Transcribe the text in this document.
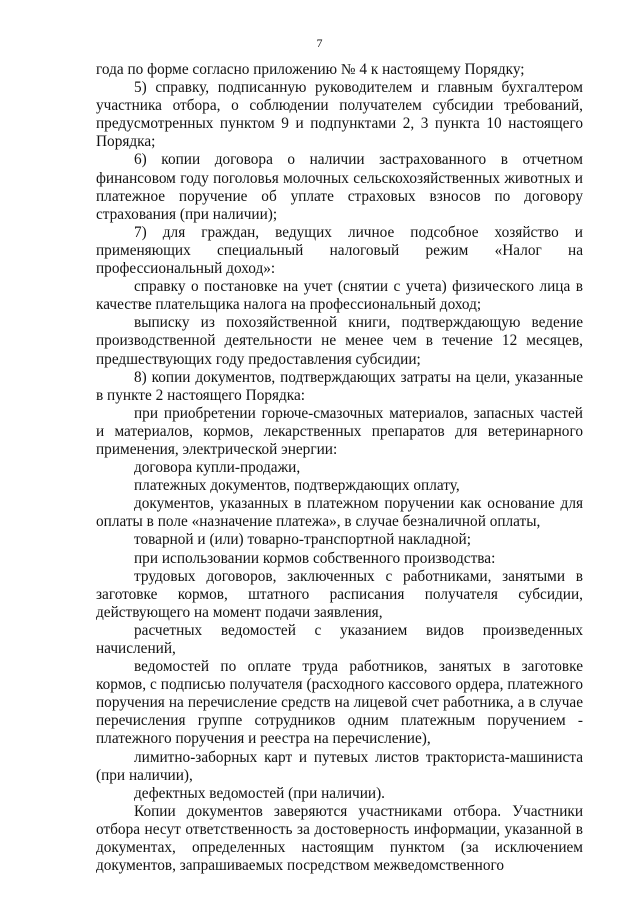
7

года по форме согласно приложению № 4 к настоящему Порядку;

5) справку, подписанную руководителем и главным бухгалтером участника отбора, о соблюдении получателем субсидии требований, предусмотренных пунктом 9 и подпунктами 2, 3 пункта 10 настоящего Порядка;

6) копии договора о наличии застрахованного в отчетном финансовом году поголовья молочных сельскохозяйственных животных и платежное поручение об уплате страховых взносов по договору страхования (при наличии);

7) для граждан, ведущих личное подсобное хозяйство и применяющих специальный налоговый режим «Налог на профессиональный доход»:

справку о постановке на учет (снятии с учета) физического лица в качестве плательщика налога на профессиональный доход;

выписку из похозяйственной книги, подтверждающую ведение производственной деятельности не менее чем в течение 12 месяцев, предшествующих году предоставления субсидии;

8) копии документов, подтверждающих затраты на цели, указанные в пункте 2 настоящего Порядка:

при приобретении горюче-смазочных материалов, запасных частей и материалов, кормов, лекарственных препаратов для ветеринарного применения, электрической энергии:

договора купли-продажи,

платежных документов, подтверждающих оплату,

документов, указанных в платежном поручении как основание для оплаты в поле «назначение платежа», в случае безналичной оплаты,

товарной и (или) товарно-транспортной накладной;

при использовании кормов собственного производства:

трудовых договоров, заключенных с работниками, занятыми в заготовке кормов, штатного расписания получателя субсидии, действующего на момент подачи заявления,

расчетных ведомостей с указанием видов произведенных начислений,

ведомостей по оплате труда работников, занятых в заготовке кормов, с подписью получателя (расходного кассового ордера, платежного поручения на перечисление средств на лицевой счет работника, а в случае перечисления группе сотрудников одним платежным поручением - платежного поручения и реестра на перечисление),

лимитно-заборных карт и путевых листов тракториста-машиниста (при наличии),

дефектных ведомостей (при наличии).

Копии документов заверяются участниками отбора. Участники отбора несут ответственность за достоверность информации, указанной в документах, определенных настоящим пунктом (за исключением документов, запрашиваемых посредством межведомственного
